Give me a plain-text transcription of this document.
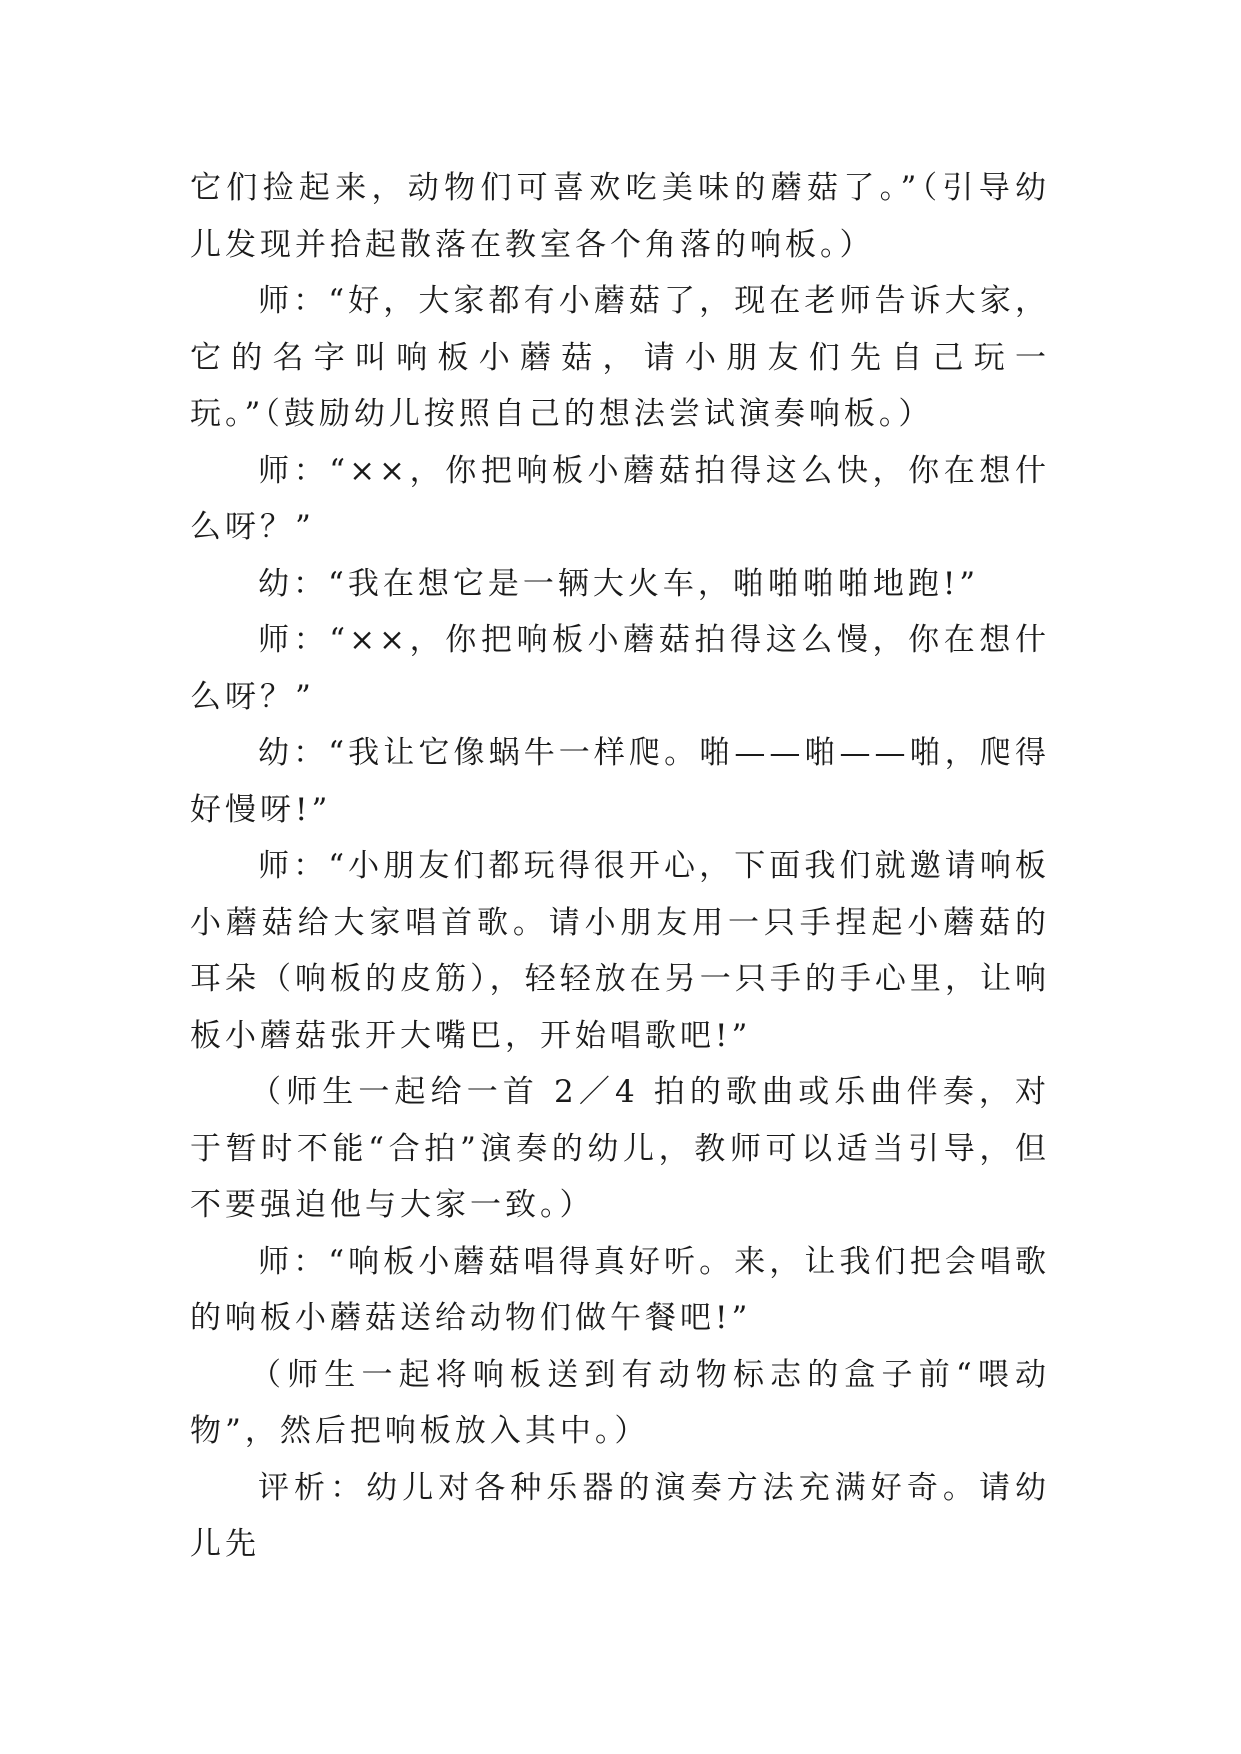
它们捡起来，动物们可喜欢吃美味的蘑菇了。”（引导幼儿发现并拾起散落在教室各个角落的响板。）

师：“好，大家都有小蘑菇了，现在老师告诉大家，它的名字叫响板小蘑菇，请小朋友们先自己玩一玩。”（鼓励幼儿按照自己的想法尝试演奏响板。）

师：“××，你把响板小蘑菇拍得这么快，你在想什么呀？”

幼：“我在想它是一辆大火车，啪啪啪啪地跑!”

师：“××，你把响板小蘑菇拍得这么慢，你在想什么呀？”

幼：“我让它像蜗牛一样爬。啪——啪——啪，爬得好慢呀!”

师：“小朋友们都玩得很开心，下面我们就邀请响板小蘑菇给大家唱首歌。请小朋友用一只手捏起小蘑菇的耳朵（响板的皮筋），轻轻放在另一只手的手心里，让响板小蘑菇张开大嘴巴，开始唱歌吧!”

（师生一起给一首 2／4 拍的歌曲或乐曲伴奏，对于暂时不能“合拍”演奏的幼儿，教师可以适当引导，但不要强迫他与大家一致。）

师：“响板小蘑菇唱得真好听。来，让我们把会唱歌的响板小蘑菇送给动物们做午餐吧!”

（师生一起将响板送到有动物标志的盒子前“喂动物”，然后把响板放入其中。）

评析：幼儿对各种乐器的演奏方法充满好奇。请幼儿先
